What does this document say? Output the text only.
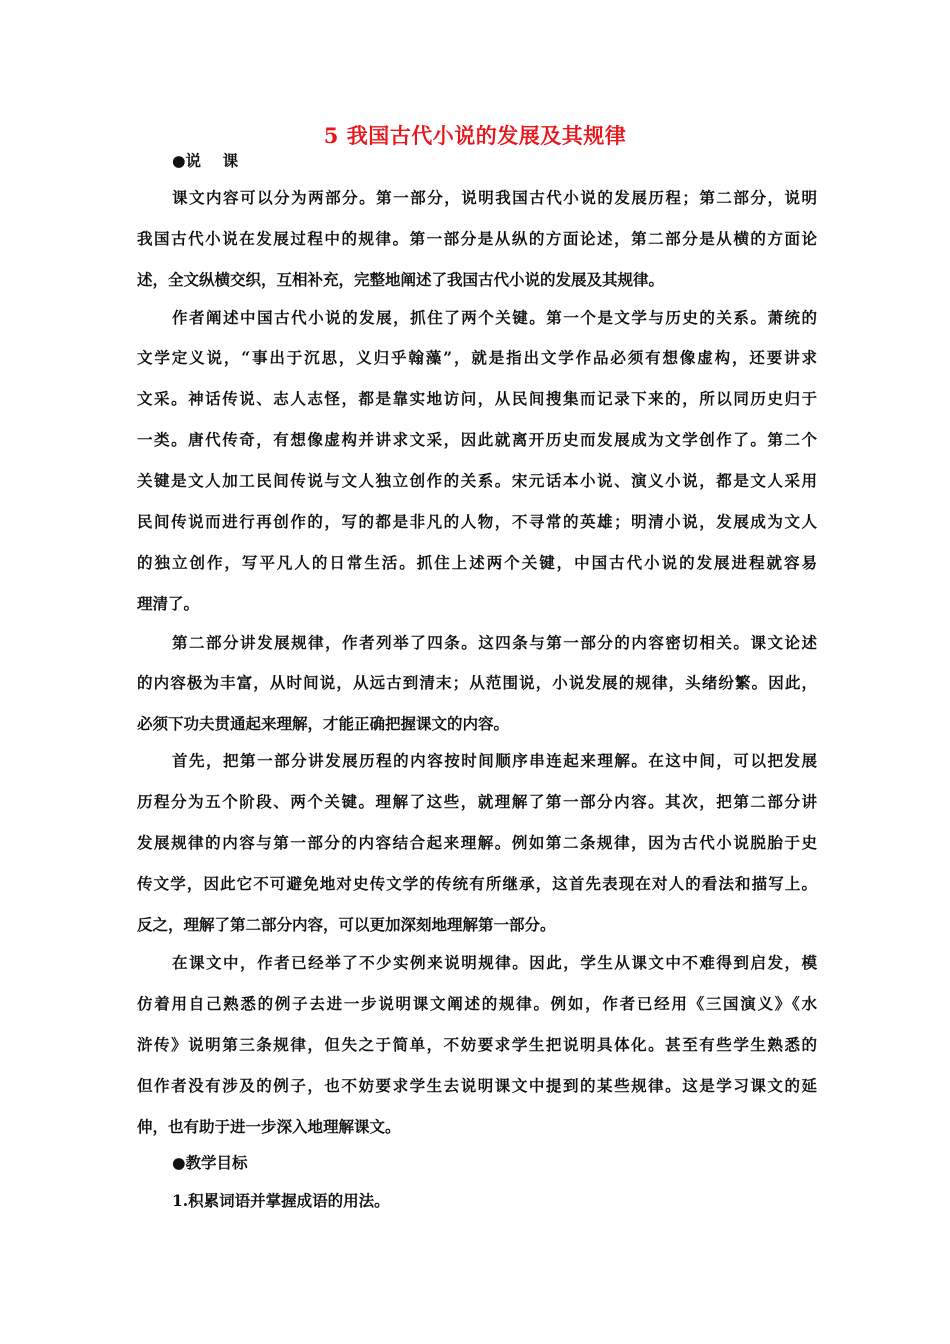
5 我国古代小说的发展及其规律
●说    课
课文内容可以分为两部分。第一部分，说明我国古代小说的发展历程；第二部分，说明
我国古代小说在发展过程中的规律。第一部分是从纵的方面论述，第二部分是从横的方面论
述，全文纵横交织，互相补充，完整地阐述了我国古代小说的发展及其规律。
作者阐述中国古代小说的发展，抓住了两个关键。第一个是文学与历史的关系。萧统的
文学定义说，“事出于沉思，义归乎翰藻”，就是指出文学作品必须有想像虚构，还要讲求
文采。神话传说、志人志怪，都是靠实地访问，从民间搜集而记录下来的，所以同历史归于
一类。唐代传奇，有想像虚构并讲求文采，因此就离开历史而发展成为文学创作了。第二个
关键是文人加工民间传说与文人独立创作的关系。宋元话本小说、演义小说，都是文人采用
民间传说而进行再创作的，写的都是非凡的人物，不寻常的英雄；明清小说，发展成为文人
的独立创作，写平凡人的日常生活。抓住上述两个关键，中国古代小说的发展进程就容易
理清了。
第二部分讲发展规律，作者列举了四条。这四条与第一部分的内容密切相关。课文论述
的内容极为丰富，从时间说，从远古到清末；从范围说，小说发展的规律，头绪纷繁。因此，
必须下功夫贯通起来理解，才能正确把握课文的内容。
首先，把第一部分讲发展历程的内容按时间顺序串连起来理解。在这中间，可以把发展
历程分为五个阶段、两个关键。理解了这些，就理解了第一部分内容。其次，把第二部分讲
发展规律的内容与第一部分的内容结合起来理解。例如第二条规律，因为古代小说脱胎于史
传文学，因此它不可避免地对史传文学的传统有所继承，这首先表现在对人的看法和描写上。
反之，理解了第二部分内容，可以更加深刻地理解第一部分。
在课文中，作者已经举了不少实例来说明规律。因此，学生从课文中不难得到启发，模
仿着用自己熟悉的例子去进一步说明课文阐述的规律。例如，作者已经用《三国演义》《水
浒传》说明第三条规律，但失之于简单，不妨要求学生把说明具体化。甚至有些学生熟悉的
但作者没有涉及的例子，也不妨要求学生去说明课文中提到的某些规律。这是学习课文的延
伸，也有助于进一步深入地理解课文。
●教学目标
1.积累词语并掌握成语的用法。
